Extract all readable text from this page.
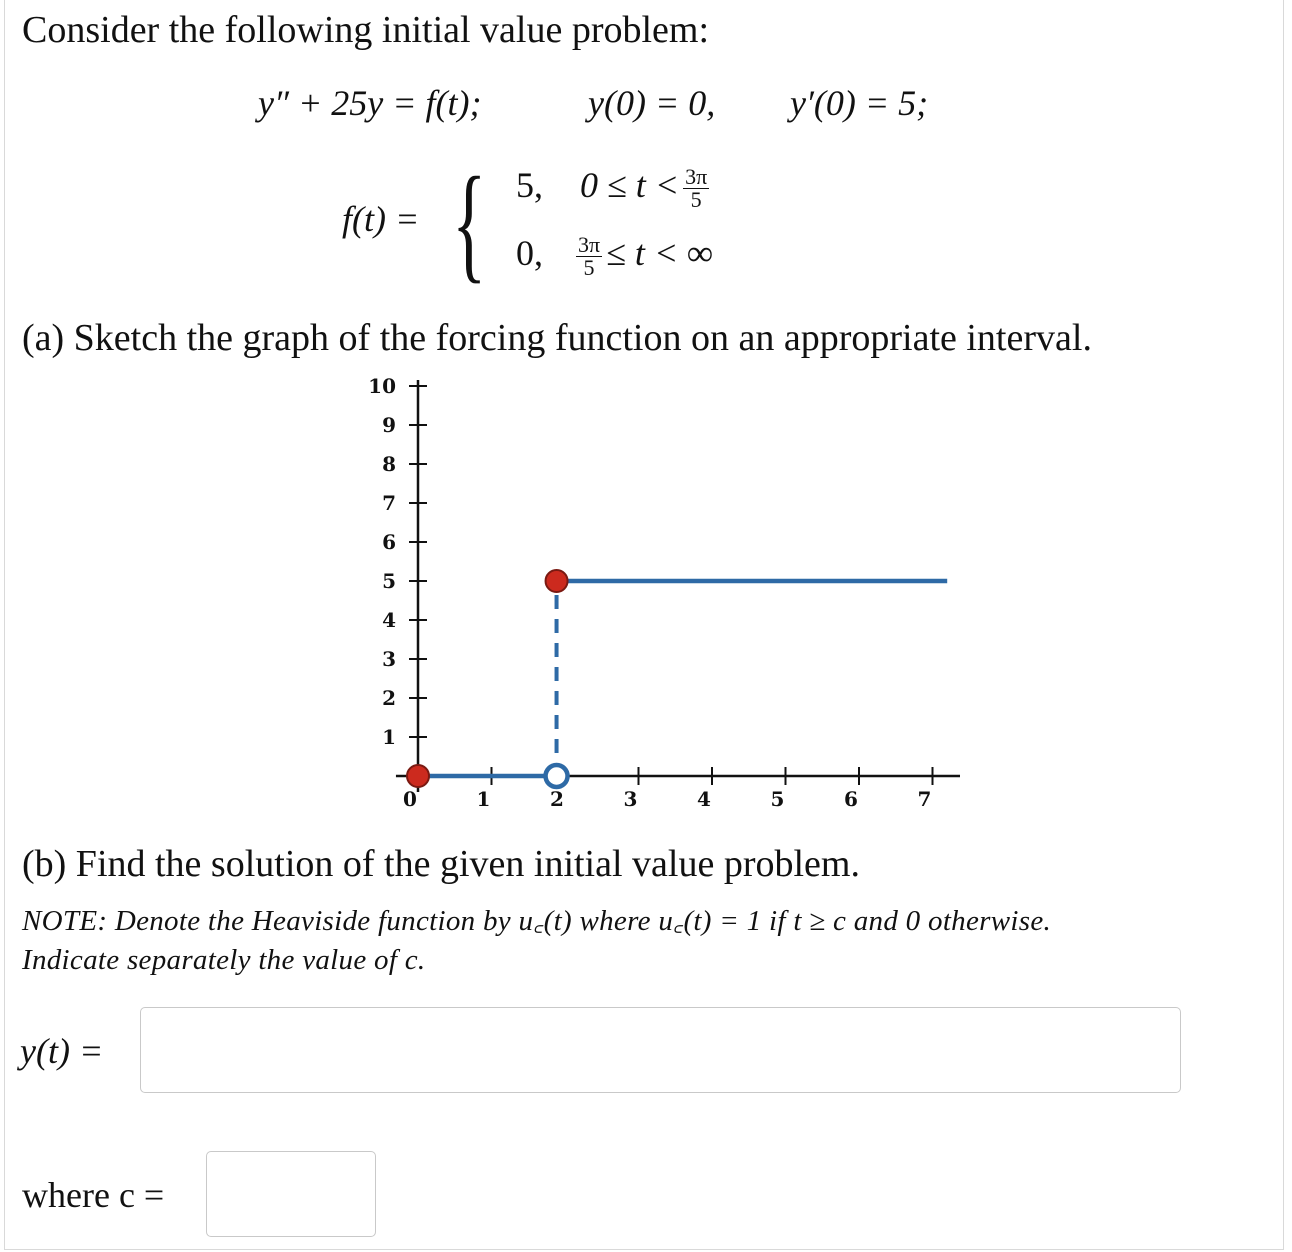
Consider the following initial value problem:
y″ + 25y = f(t);	y(0) = 0, y′(0) = 5;
f(t) = { 5, $0 \le t < \frac{3\pi}{5}$
0, $\frac{3\pi}{5} \le t$ < ∞
(a) Sketch the graph of the forcing function on an appropriate interval.
1
2
3
4
5
6
7
8
9
10
0	1	2	3	4	5	6	7
(b) Find the solution of the given initial value problem.
NOTE: Denote the Heaviside function by u꜀(t) where u꜀(t) = 1 if t ≥ c and 0 otherwise.
Indicate separately the value of c.
y(t) =
where c =
